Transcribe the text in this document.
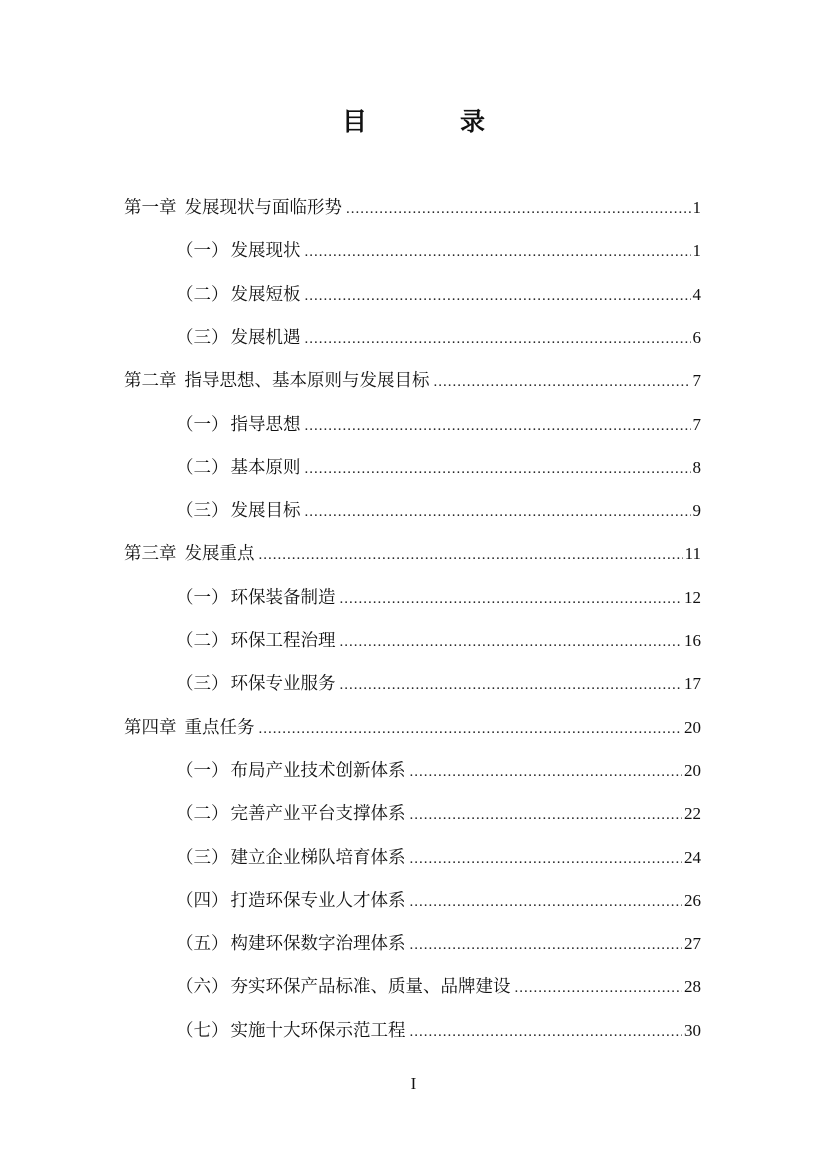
目　录
第一章 发展现状与面临形势 .....	1
（一） 发展现状 .....	1
（二） 发展短板 .....	4
（三） 发展机遇 .....	6
第二章 指导思想、基本原则与发展目标 .....	7
（一） 指导思想 .....	7
（二） 基本原则 .....	8
（三） 发展目标 .....	9
第三章 发展重点 .....	11
（一） 环保装备制造 .....	12
（二） 环保工程治理 .....	16
（三） 环保专业服务 .....	17
第四章 重点任务 .....	20
（一） 布局产业技术创新体系 .....	20
（二） 完善产业平台支撑体系 .....	22
（三） 建立企业梯队培育体系 .....	24
（四） 打造环保专业人才体系 .....	26
（五） 构建环保数字治理体系 .....	27
（六） 夯实环保产品标准、质量、品牌建设 .....	28
（七） 实施十大环保示范工程 .....	30
I
